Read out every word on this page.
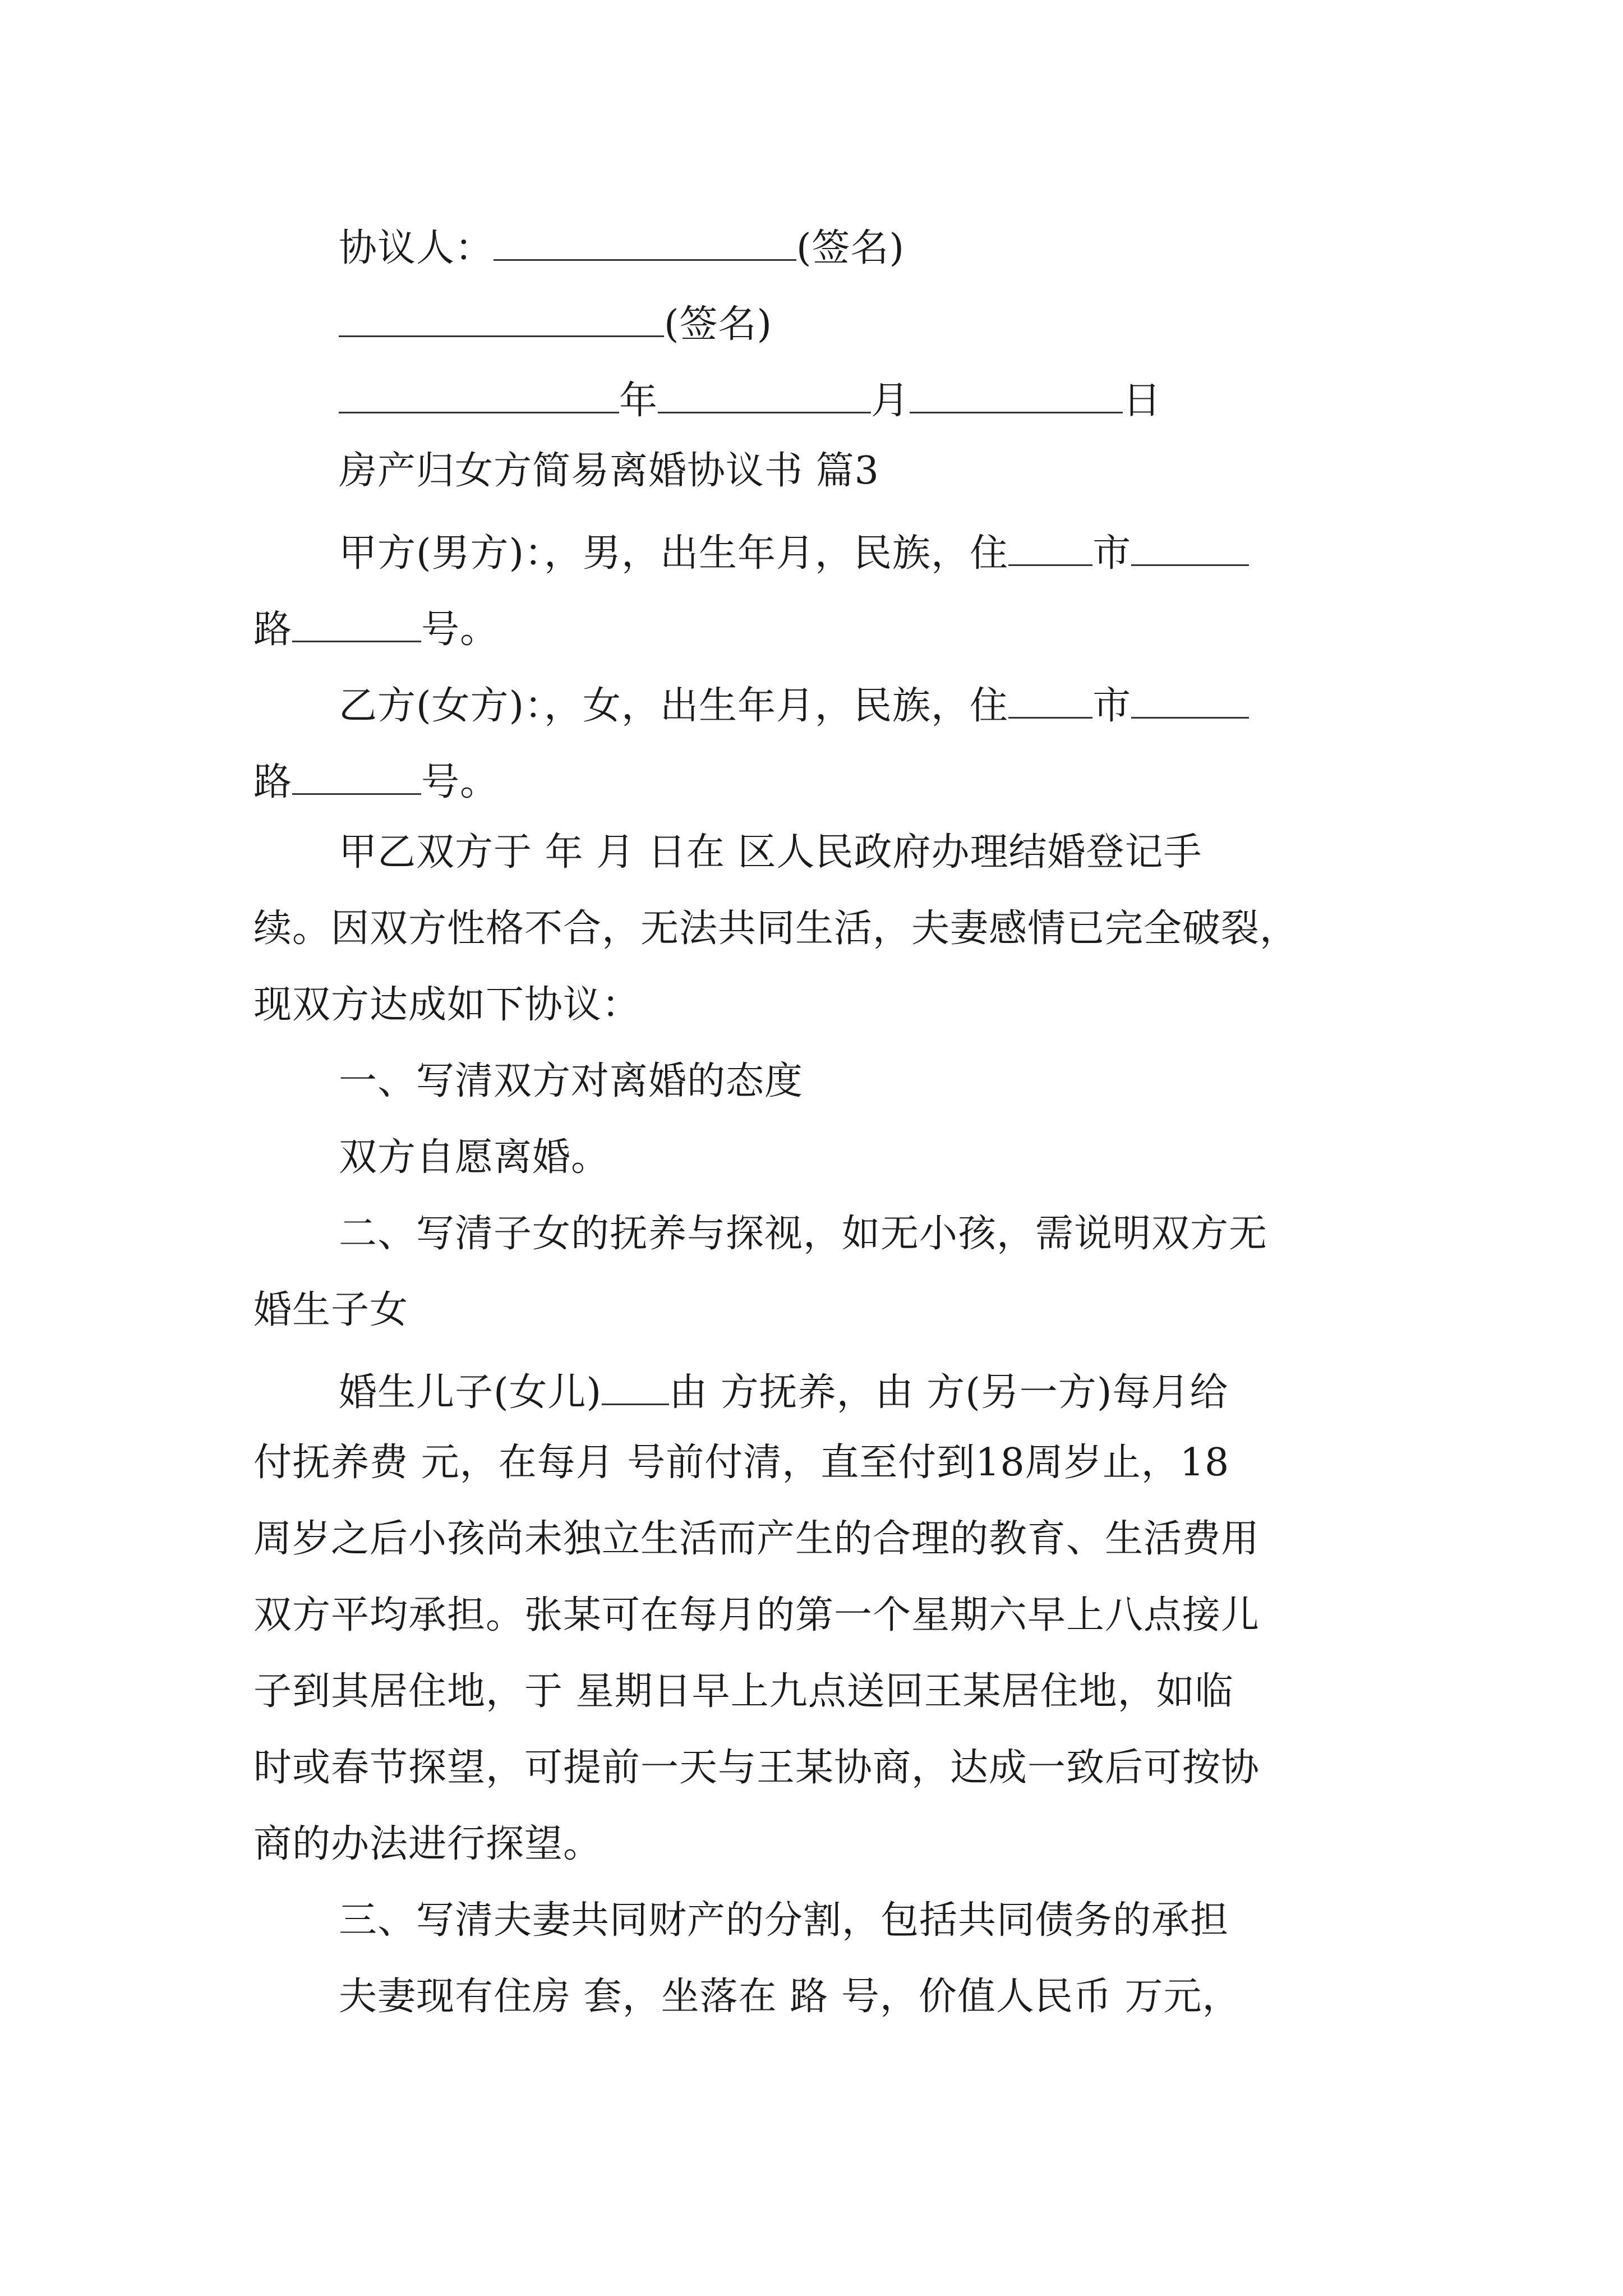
协议人：	(签名)
(签名)
年	月	日
房产归女方简易离婚协议书 篇3
甲方(男方)：，男，出生年月，民族，住 市
路	号。
乙方(女方)：，女，出生年月，民族，住 市
路	号。
甲乙双方于 年 月 日在 区人民政府办理结婚登记手
续。因双方性格不合，无法共同生活，夫妻感情已完全破裂，
现双方达成如下协议：
一、写清双方对离婚的态度
双方自愿离婚。
二、写清子女的抚养与探视，如无小孩，需说明双方无
婚生子女
婚生儿子(女儿) 由 方抚养，由 方(另一方)每月给
付抚养费 元，在每月 号前付清，直至付到18周岁止，18
周岁之后小孩尚未独立生活而产生的合理的教育、生活费用
双方平均承担。张某可在每月的第一个星期六早上八点接儿
子到其居住地，于 星期日早上九点送回王某居住地，如临
时或春节探望，可提前一天与王某协商，达成一致后可按协
商的办法进行探望。
三、写清夫妻共同财产的分割，包括共同债务的承担
夫妻现有住房 套，坐落在 路 号，价值人民币 万元，
